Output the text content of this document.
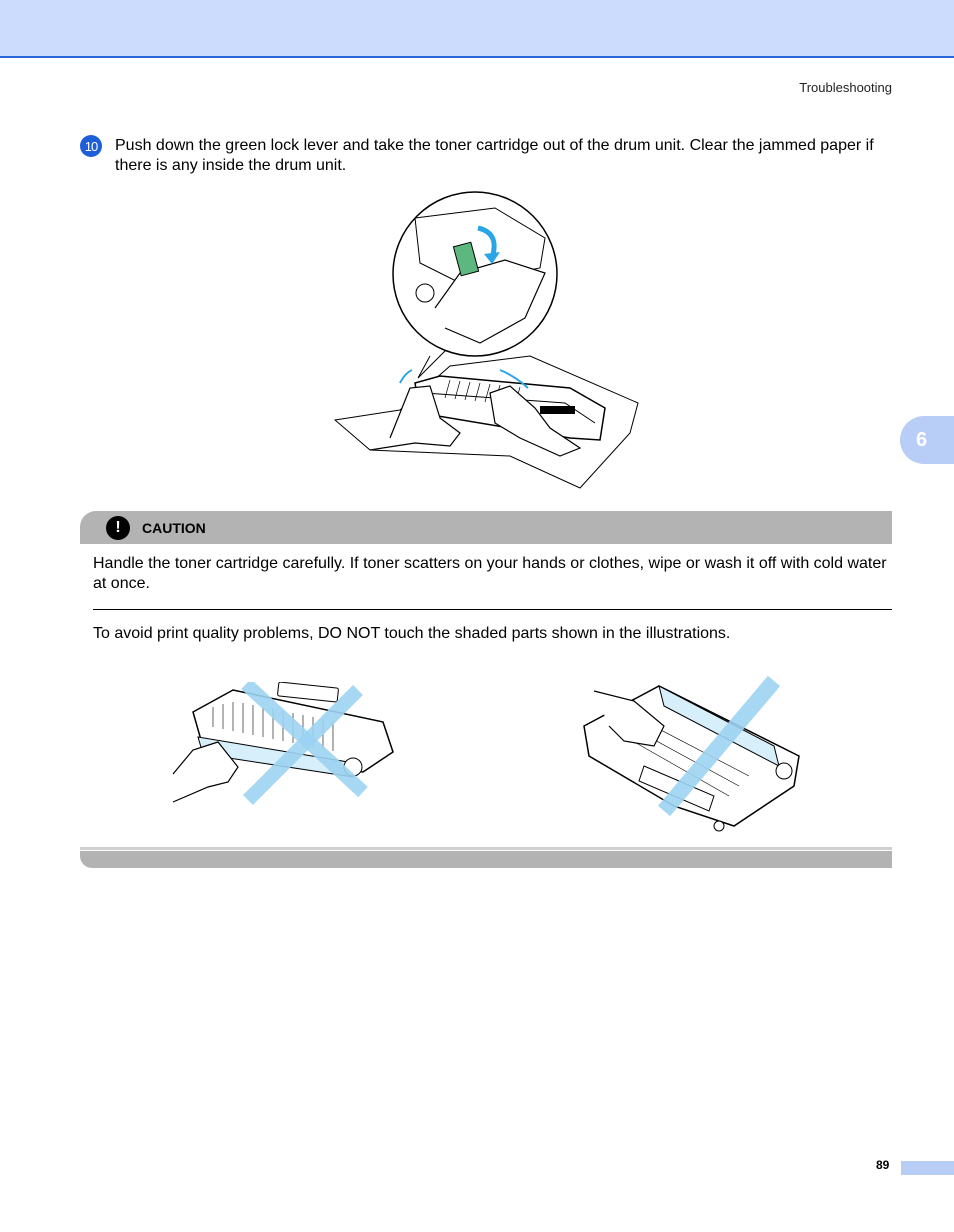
Troubleshooting
10 Push down the green lock lever and take the toner cartridge out of the drum unit. Clear the jammed paper if there is any inside the drum unit.
6
!	CAUTION
Handle the toner cartridge carefully. If toner scatters on your hands or clothes, wipe or wash it off with cold water at once.
To avoid print quality problems, DO NOT touch the shaded parts shown in the illustrations.
89
